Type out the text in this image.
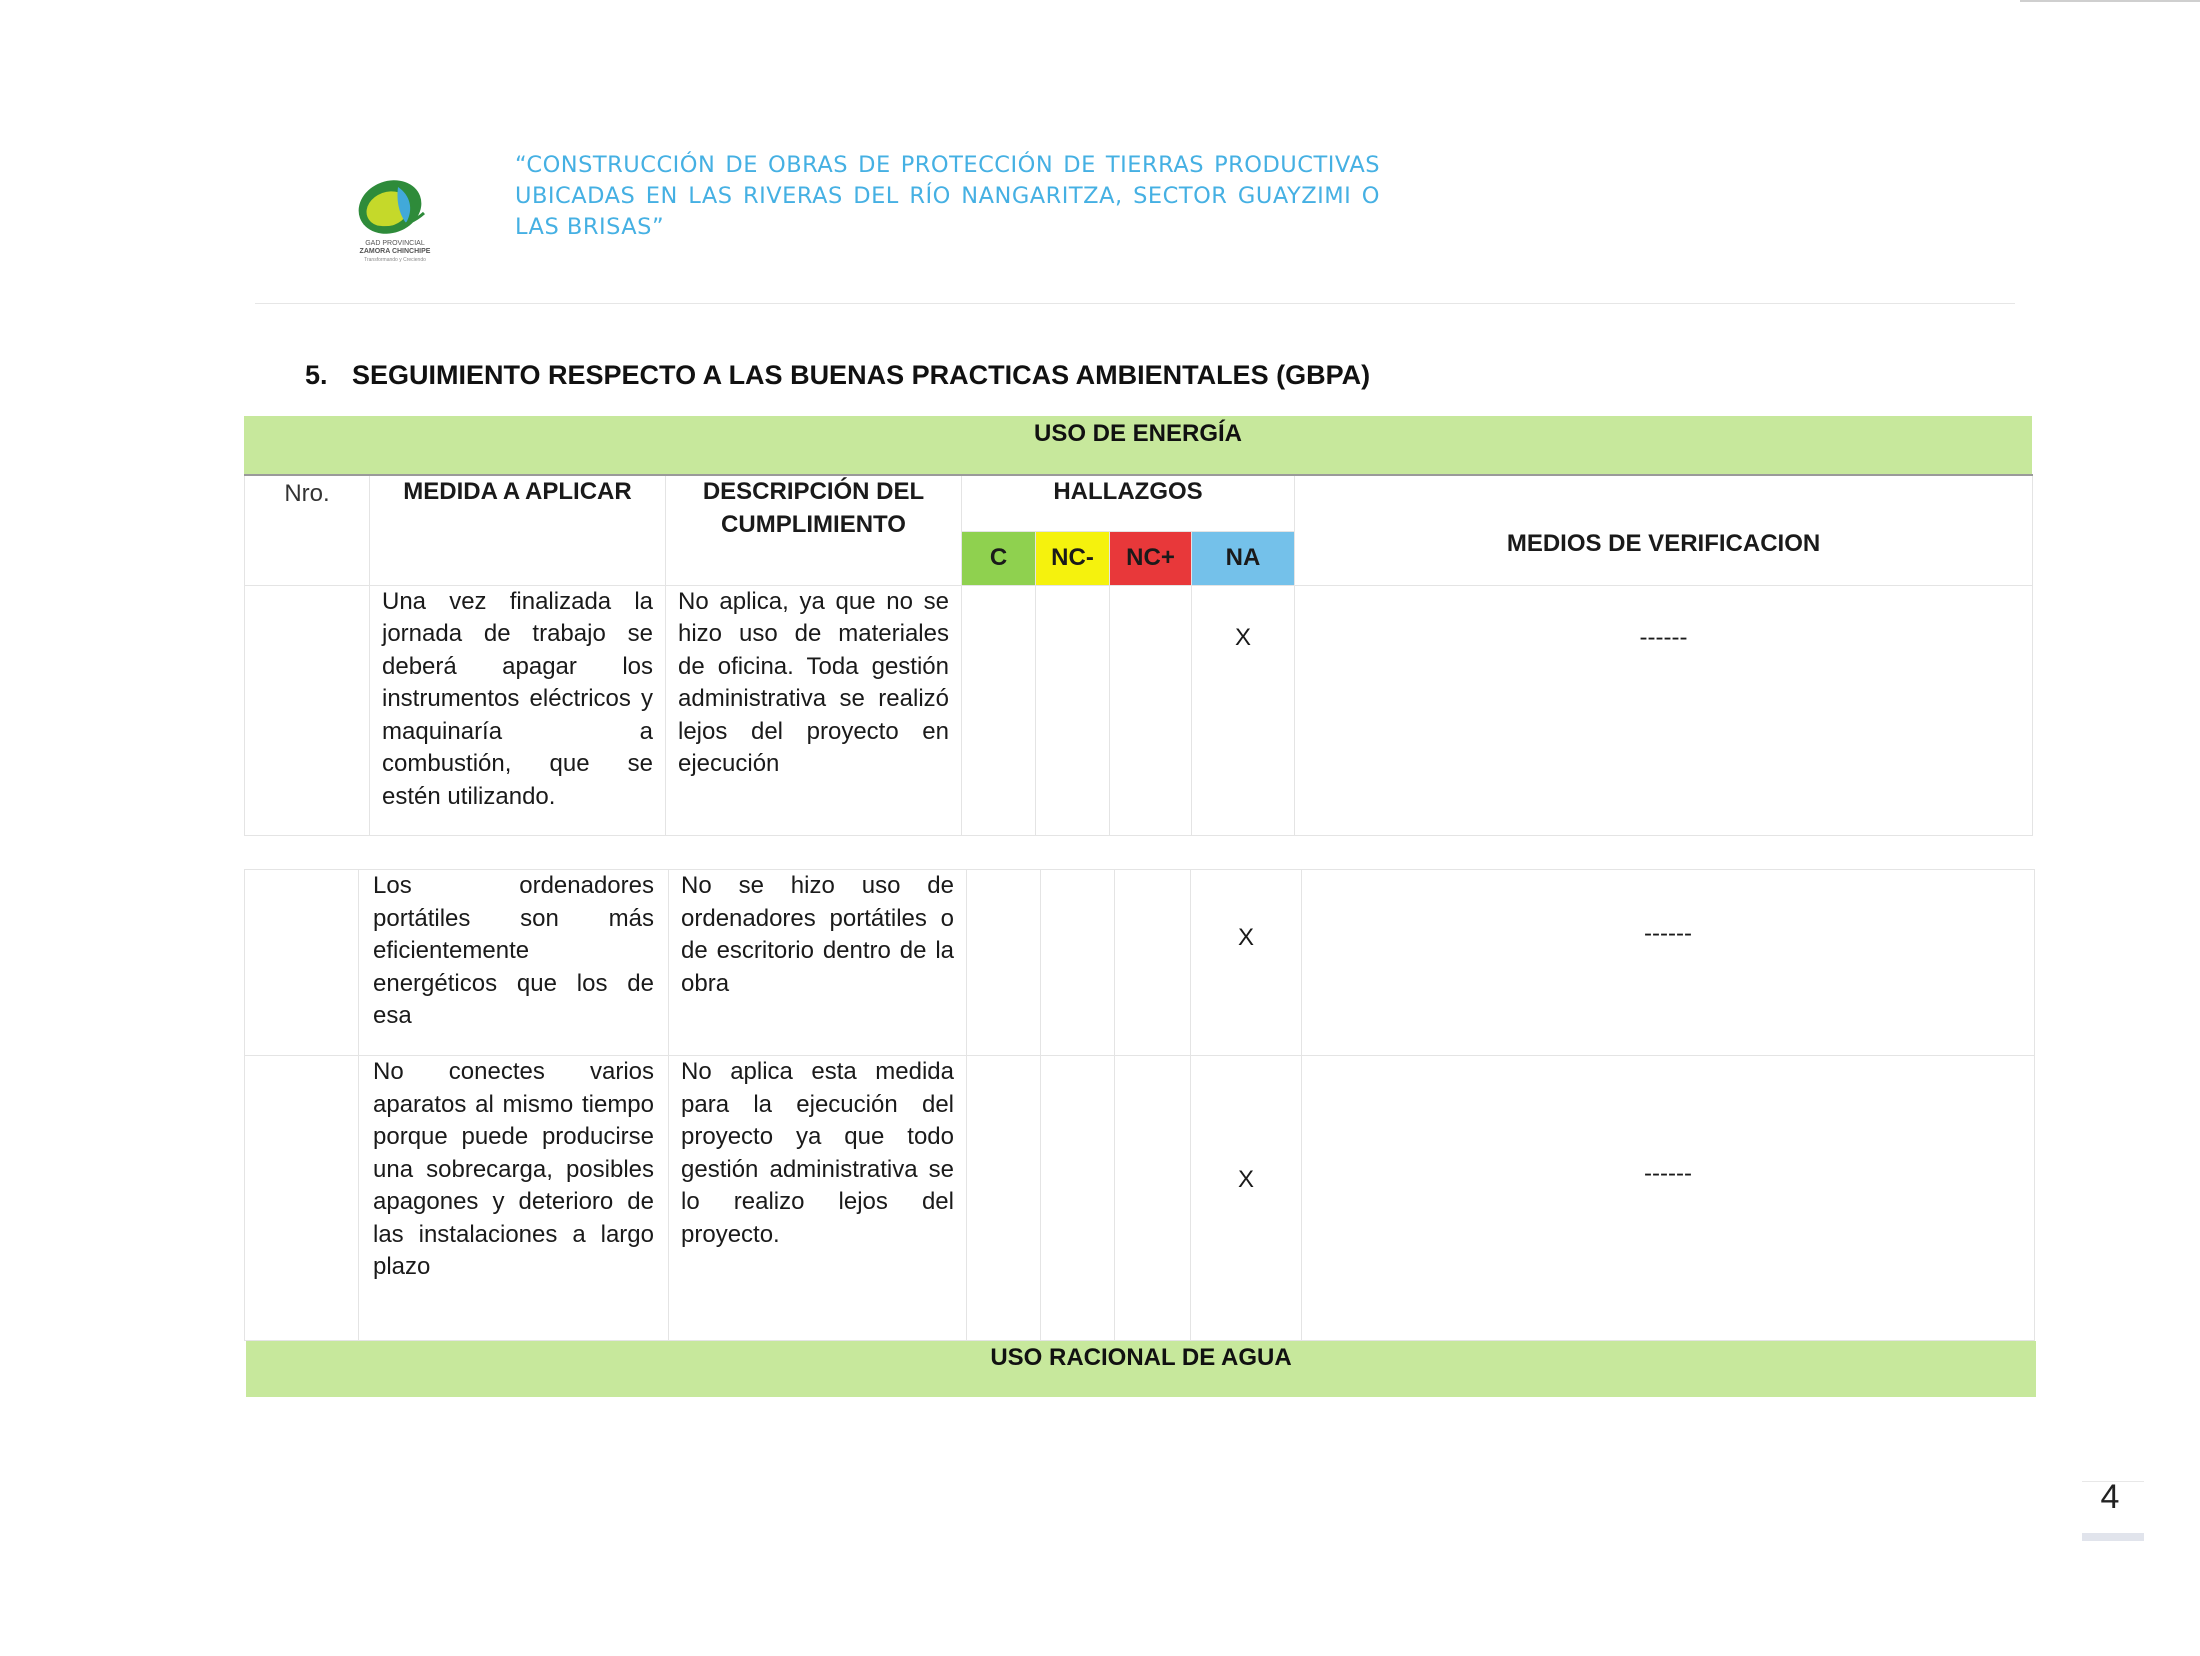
GAD PROVINCIAL
ZAMORA CHINCHIPE
Transformando y Creciendo
“CONSTRUCCIÓN DE OBRAS DE PROTECCIÓN DE TIERRAS PRODUCTIVAS UBICADAS EN LAS RIVERAS DEL RÍO NANGARITZA, SECTOR GUAYZIMI O LAS BRISAS”
5. SEGUIMIENTO RESPECTO A LAS BUENAS PRACTICAS AMBIENTALES (GBPA)
USO DE ENERGÍA
Nro.	MEDIDA A APLICAR	DESCRIPCIÓN DEL CUMPLIMIENTO	HALLAZGOS				MEDIOS DE VERIFICACION
			C	NC-	NC+	NA	
	Una vez finalizada la jornada de trabajo se deberá apagar los instrumentos eléctricos y maquinaría a combustión, que se estén utilizando.	No aplica, ya que no se hizo uso de materiales de oficina. Toda gestión administrativa se realizó lejos del proyecto en ejecución				X	------
	Los ordenadores portátiles son más eficientemente energéticos que los de esa	No se hizo uso de ordenadores portátiles o de escritorio dentro de la obra				X	------
	No conectes varios aparatos al mismo tiempo porque puede producirse una sobrecarga, posibles apagones y deterioro de las instalaciones a largo plazo	No aplica esta medida para la ejecución del proyecto ya que todo gestión administrativa se lo realizo lejos del proyecto.				X	------
USO RACIONAL DE AGUA
4
